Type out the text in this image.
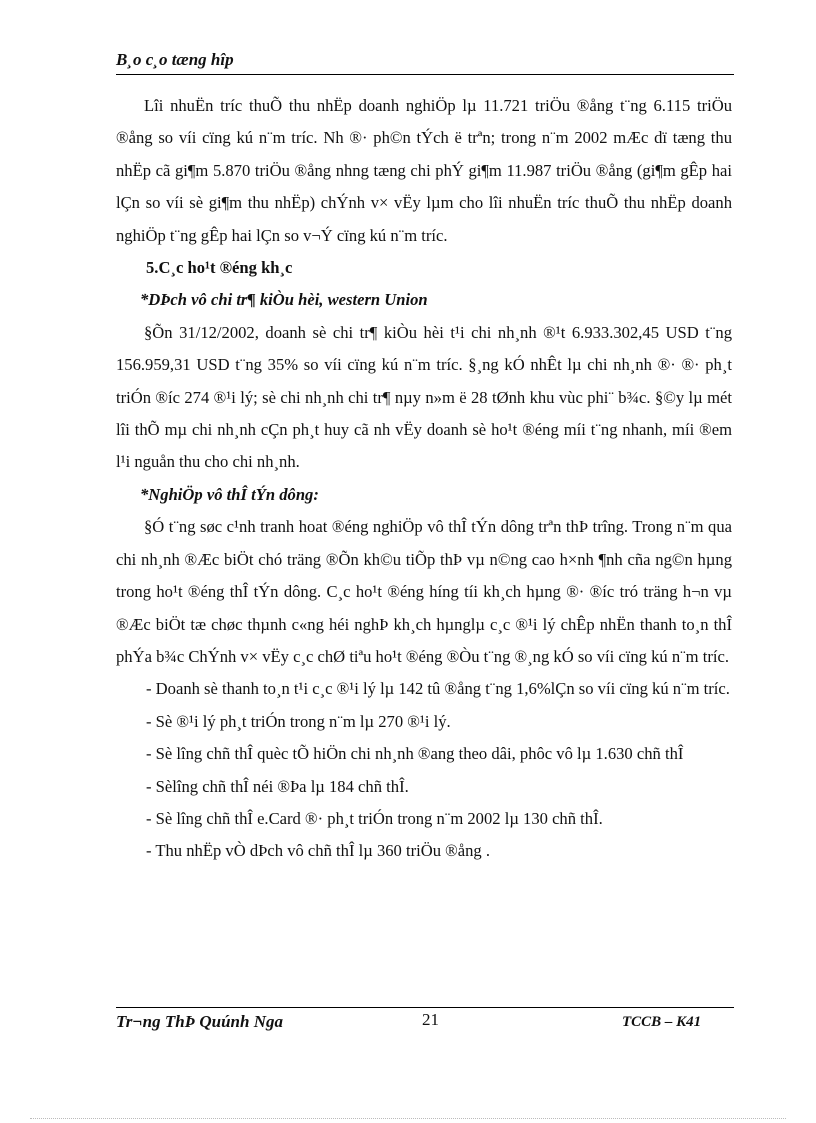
B¸o c¸o tæng hîp

Lîi nhuËn tríc thuÕ thu nhËp doanh nghiÖp lµ 11.721 triÖu ®ång t¨ng 6.115 triÖu ®ång so víi cïng kú n¨m tríc. Nh ®· ph©n tÝch ë trªn; trong n¨m 2002 mÆc dï tæng thu nhËp cã gi¶m 5.870 triÖu ®ång nhng tæng chi phÝ gi¶m 11.987 triÖu ®ång (gi¶m gÊp hai lÇn so víi sè gi¶m thu nhËp) chÝnh v× vËy lµm cho lîi nhuËn tríc thuÕ thu nhËp doanh nghiÖp t¨ng gÊp hai lÇn so v¬Ý cïng kú n¨m tríc.

5.C¸c ho¹t ®éng kh¸c

*DÞch vô chi tr¶ kiÒu hèi, western Union

§Õn 31/12/2002, doanh sè chi tr¶ kiÒu hèi t¹i chi nh¸nh ®¹t 6.933.302,45 USD t¨ng 156.959,31 USD t¨ng 35% so víi cïng kú n¨m tríc. §¸ng kÓ nhÊt lµ chi nh¸nh ®· ®· ph¸t triÓn ®íc 274 ®¹i lý; sè chi nh¸nh chi tr¶ nµy n»m ë 28 tØnh khu vùc phi¨ b¾c. §©y lµ mét lîi thÕ mµ chi nh¸nh cÇn ph¸t huy cã nh vËy doanh sè ho¹t ®éng míi t¨ng nhanh, míi ®em l¹i nguån thu cho chi nh¸nh.

*NghiÖp vô thÎ tÝn dông:

§Ó t¨ng søc c¹nh tranh hoat ®éng nghiÖp vô thÎ tÝn dông trªn thÞ trîng. Trong n¨m qua chi nh¸nh ®Æc biÖt chó träng ®Õn kh©u tiÕp thÞ vµ n©ng cao h×nh ¶nh cña ng©n hµng trong ho¹t ®éng thÎ tÝn dông. C¸c ho¹t ®éng híng tíi kh¸ch hµng ®· ®íc tró träng h¬n vµ ®Æc biÖt tæ chøc thµnh c«ng héi nghÞ kh¸ch hµnglµ c¸c ®¹i lý chÊp nhËn thanh to¸n thÎ phÝa b¾c ChÝnh v× vËy c¸c chØ tiªu ho¹t ®éng ®Òu t¨ng ®¸ng kÓ so víi cïng kú n¨m tríc.

- Doanh sè thanh to¸n t¹i c¸c ®¹i lý lµ 142 tû ®ång t¨ng 1,6%lÇn so víi cïng kú n¨m tríc.

- Sè ®¹i lý ph¸t triÓn trong n¨m lµ 270 ®¹i lý.

- Sè lîng chñ thÎ quèc tÕ hiÖn chi nh¸nh ®ang theo dâi, phôc vô lµ 1.630 chñ thÎ

- Sèlîng chñ thÎ néi ®Þa lµ 184 chñ thÎ.

- Sè lîng chñ thÎ e.Card ®· ph¸t triÓn trong n¨m 2002 lµ 130 chñ thÎ.

- Thu nhËp vÒ dÞch vô chñ thÎ lµ 360 triÖu ®ång .

Tr¬ng ThÞ Quúnh Nga	21	TCCB – K41
